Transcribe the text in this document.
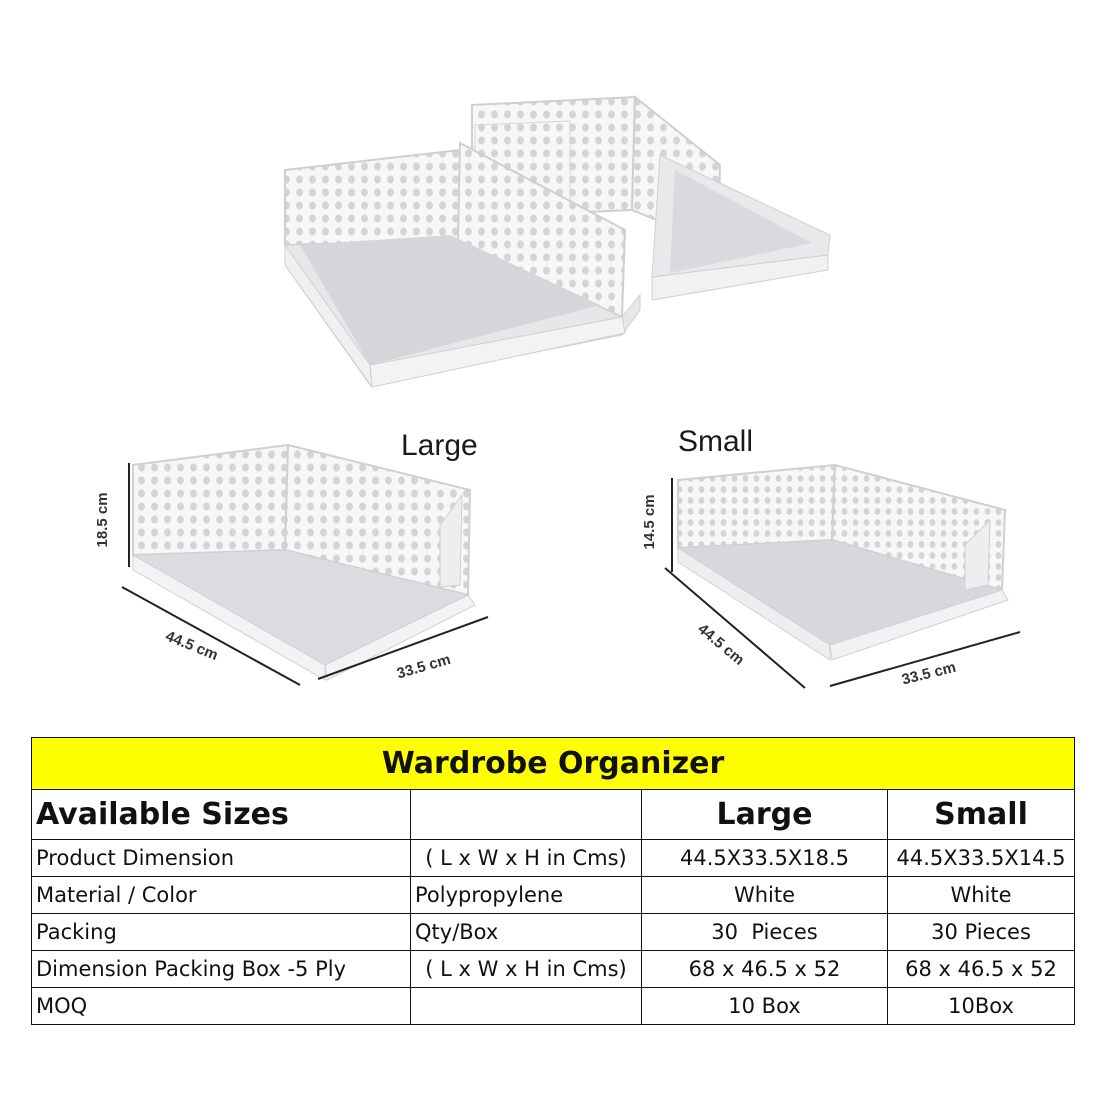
Large	Small
18.5 cm
44.5 cm
33.5 cm
14.5 cm
44.5 cm
33.5 cm
Wardrobe Organizer			
Available Sizes		Large	Small
Product Dimension	( L x W x H in Cms)	44.5X33.5X18.5	44.5X33.5X14.5
Material / Color	Polypropylene	White	White
Packing	Qty/Box	30  Pieces	30 Pieces
Dimension Packing Box -5 Ply	( L x W x H in Cms)	68 x 46.5 x 52	68 x 46.5 x 52
MOQ		10 Box	10Box
